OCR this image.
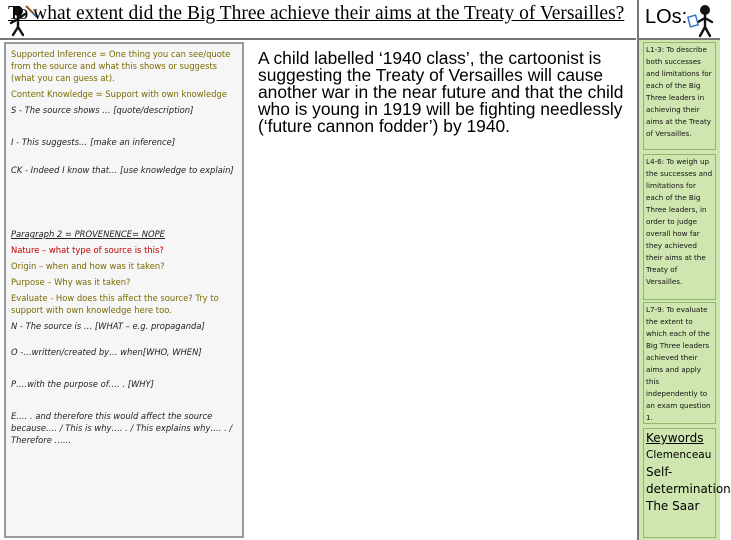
To what extent did the Big Three achieve their aims at the Treaty of Versailles?

Supported Inference = One thing you can see/quote from the source and what this shows or suggests (what you can guess at).

Content Knowledge = Support with own knowledge

S - The source shows … [quote/description]

I - This suggests… [make an inference]

CK - Indeed I know that… [use knowledge to explain]

Paragraph 2 = PROVENENCE= NOPE

Nature – what type of source is this?

Origin – when and how was it taken?

Purpose – Why was it taken?

Evaluate - How does this affect the source? Try to support with own knowledge here too.

N - The source is … [WHAT – e.g. propaganda]

O -…written/created by… when[WHO, WHEN]

P….with the purpose of…. . [WHY]

E…. . and therefore this would affect the source because…. / This is why…. . / This explains why…. . / Therefore ……

A child labelled ‘1940 class’, the cartoonist is suggesting the Treaty of Versailles will cause another war in the near future and that the child who is young in 1919 will be fighting needlessly (‘future cannon fodder’) by 1940.
LOs:
L1-3: To describe both successes and limitations for each of the Big Three leaders in achieving their aims at the Treaty of Versailles.
L4-6: To weigh up the successes and limitations for each of the Big Three leaders, in order to judge overall how far they achieved their aims at the Treaty of Versailles.
L7-9: To evaluate the extent to which each of the Big Three leaders achieved their aims and apply this independently to an exam question 1.
Keywords
Clemenceau
Self-determination
The Saar
